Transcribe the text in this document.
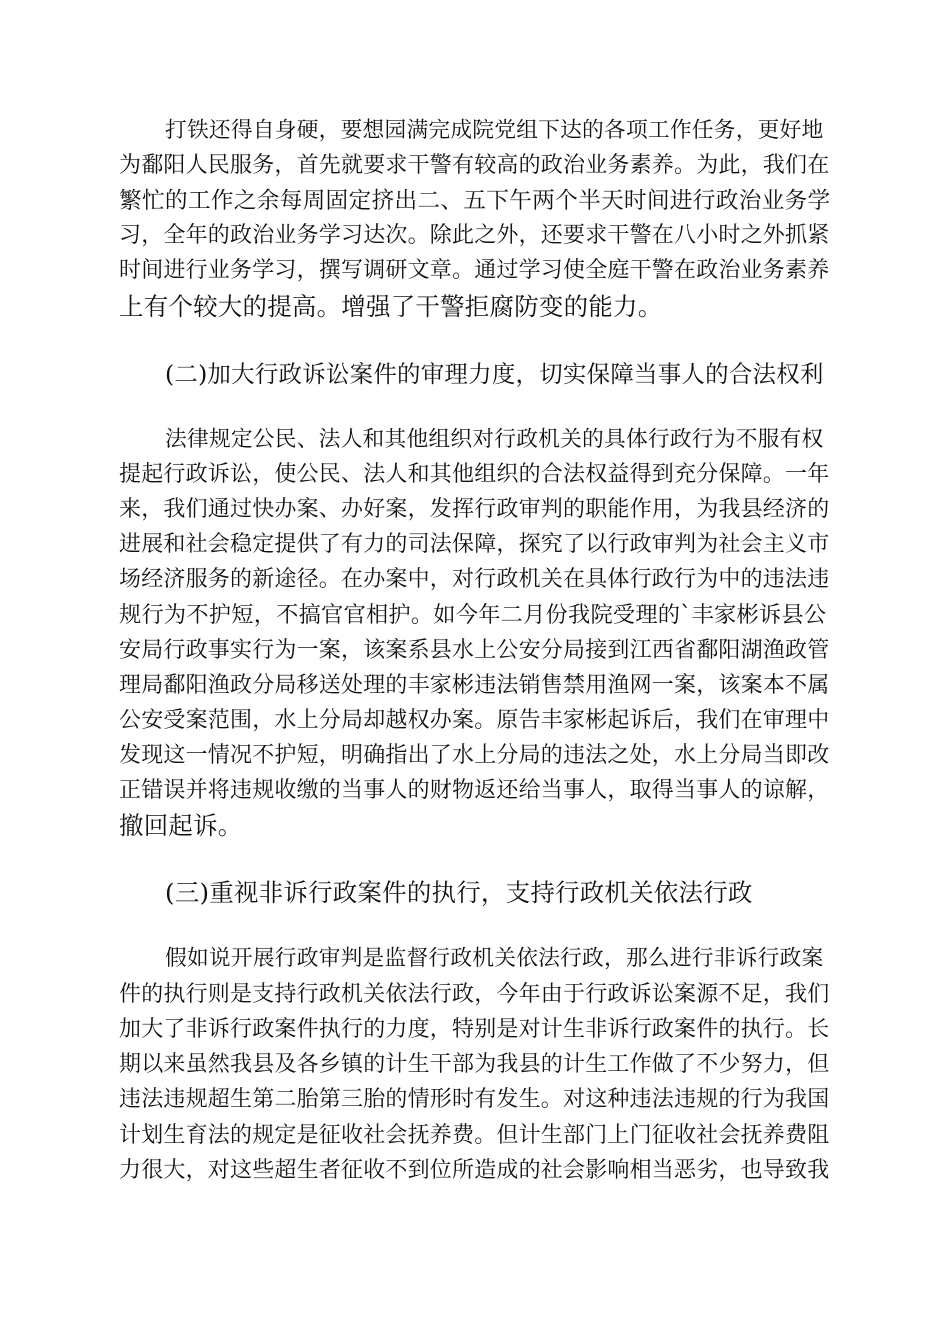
打铁还得自身硬，要想园满完成院党组下达的各项工作任务，更好地
为鄱阳人民服务，首先就要求干警有较高的政治业务素养。为此，我们在
繁忙的工作之余每周固定挤出二、五下午两个半天时间进行政治业务学
习，全年的政治业务学习达次。除此之外，还要求干警在八小时之外抓紧
时间进行业务学习，撰写调研文章。通过学习使全庭干警在政治业务素养
上有个较大的提高。增强了干警拒腐防变的能力。
(二)加大行政诉讼案件的审理力度，切实保障当事人的合法权利
法律规定公民、法人和其他组织对行政机关的具体行政行为不服有权
提起行政诉讼，使公民、法人和其他组织的合法权益得到充分保障。一年
来，我们通过快办案、办好案，发挥行政审判的职能作用，为我县经济的
进展和社会稳定提供了有力的司法保障，探究了以行政审判为社会主义市
场经济服务的新途径。在办案中，对行政机关在具体行政行为中的违法违
规行为不护短，不搞官官相护。如今年二月份我院受理的`丰家彬诉县公
安局行政事实行为一案，该案系县水上公安分局接到江西省鄱阳湖渔政管
理局鄱阳渔政分局移送处理的丰家彬违法销售禁用渔网一案，该案本不属
公安受案范围，水上分局却越权办案。原告丰家彬起诉后，我们在审理中
发现这一情况不护短，明确指出了水上分局的违法之处，水上分局当即改
正错误并将违规收缴的当事人的财物返还给当事人，取得当事人的谅解，
撤回起诉。
(三)重视非诉行政案件的执行，支持行政机关依法行政
假如说开展行政审判是监督行政机关依法行政，那么进行非诉行政案
件的执行则是支持行政机关依法行政，今年由于行政诉讼案源不足，我们
加大了非诉行政案件执行的力度，特别是对计生非诉行政案件的执行。长
期以来虽然我县及各乡镇的计生干部为我县的计生工作做了不少努力，但
违法违规超生第二胎第三胎的情形时有发生。对这种违法违规的行为我国
计划生育法的规定是征收社会抚养费。但计生部门上门征收社会抚养费阻
力很大，对这些超生者征收不到位所造成的社会影响相当恶劣，也导致我
